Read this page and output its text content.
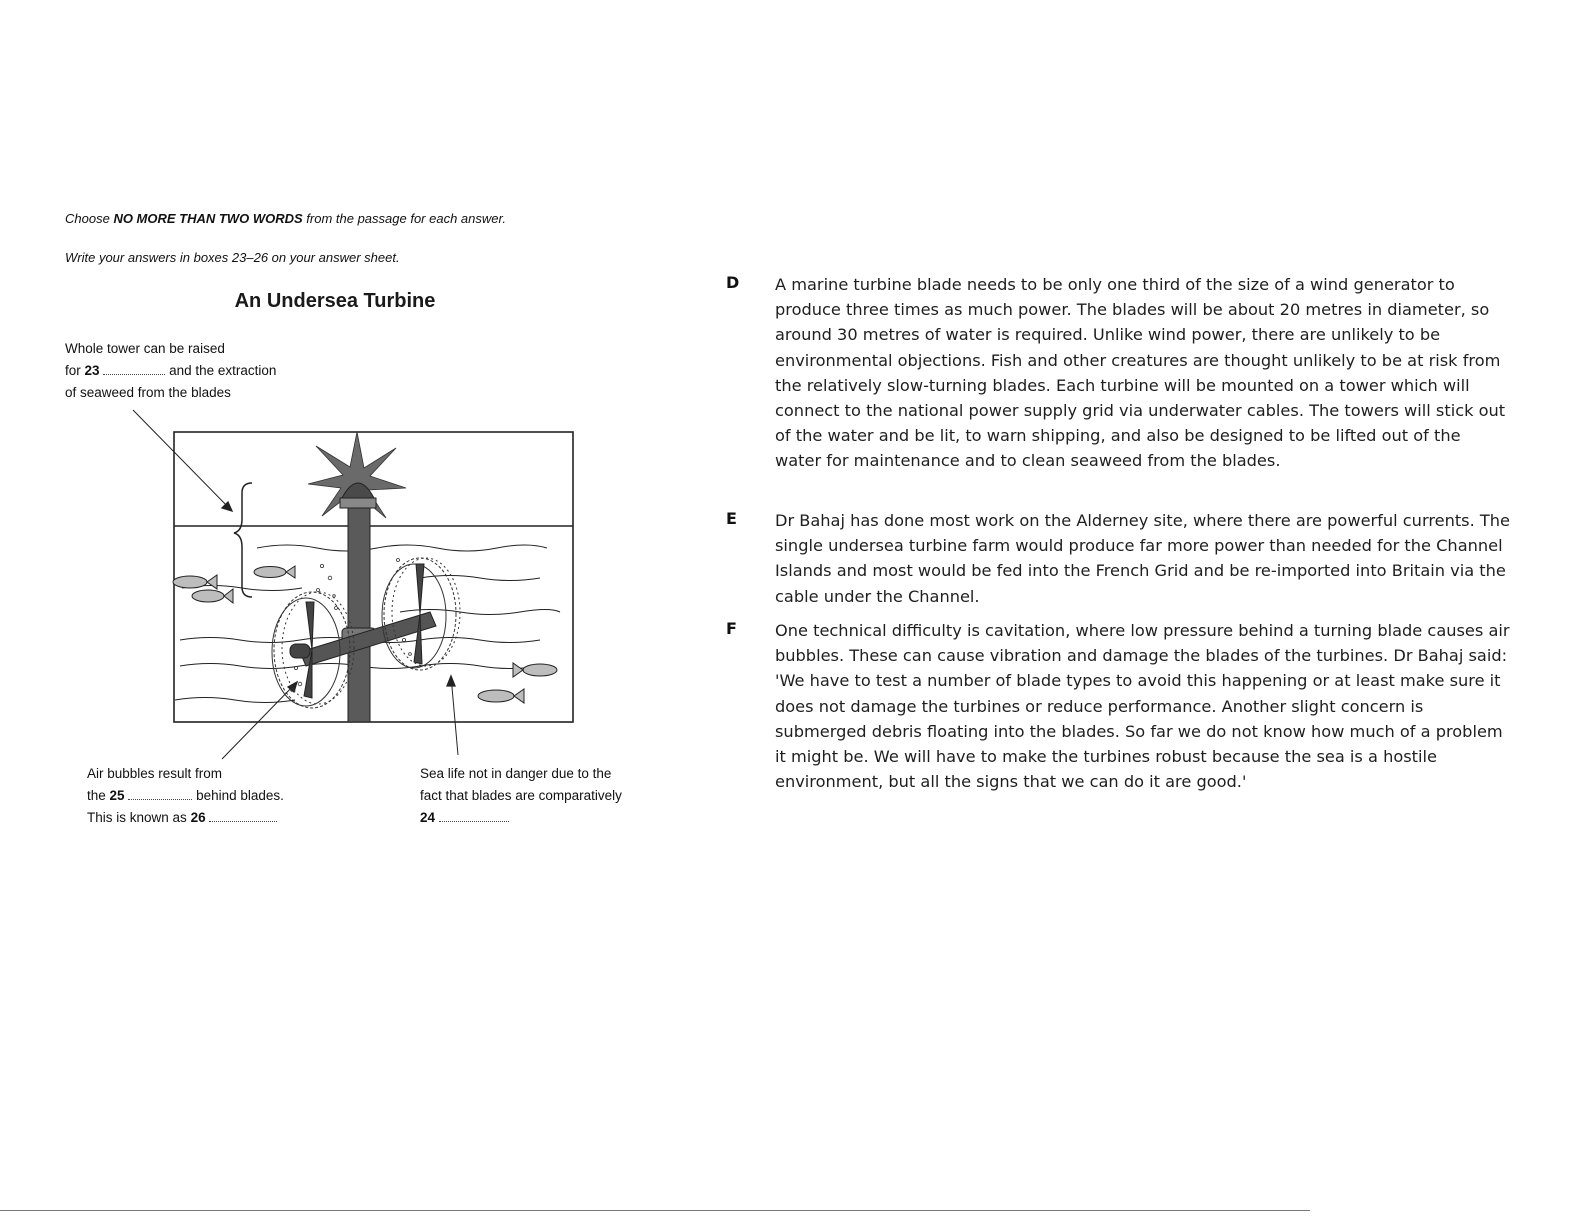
Choose NO MORE THAN TWO WORDS from the passage for each answer.
Write your answers in boxes 23–26 on your answer sheet.
An Undersea Turbine
Whole tower can be raised
for 23	and the extraction
of seaweed from the blades
Air bubbles result from
the 25	behind blades.
This is known as 26
Sea life not in danger due to the
fact that blades are comparatively
24
D A marine turbine blade needs to be only one third of the size of a wind generator to produce three times as much power. The blades will be about 20 metres in diameter, so around 30 metres of water is required. Unlike wind power, there are unlikely to be environmental objections. Fish and other creatures are thought unlikely to be at risk from the relatively slow-turning blades. Each turbine will be mounted on a tower which will connect to the national power supply grid via underwater cables. The towers will stick out of the water and be lit, to warn shipping, and also be designed to be lifted out of the water for maintenance and to clean seaweed from the blades.
E Dr Bahaj has done most work on the Alderney site, where there are powerful currents. The single undersea turbine farm would produce far more power than needed for the Channel Islands and most would be fed into the French Grid and be re-imported into Britain via the cable under the Channel.
F One technical difficulty is cavitation, where low pressure behind a turning blade causes air bubbles. These can cause vibration and damage the blades of the turbines. Dr Bahaj said: 'We have to test a number of blade types to avoid this happening or at least make sure it does not damage the turbines or reduce performance. Another slight concern is submerged debris floating into the blades. So far we do not know how much of a problem it might be. We will have to make the turbines robust because the sea is a hostile environment, but all the signs that we can do it are good.'
